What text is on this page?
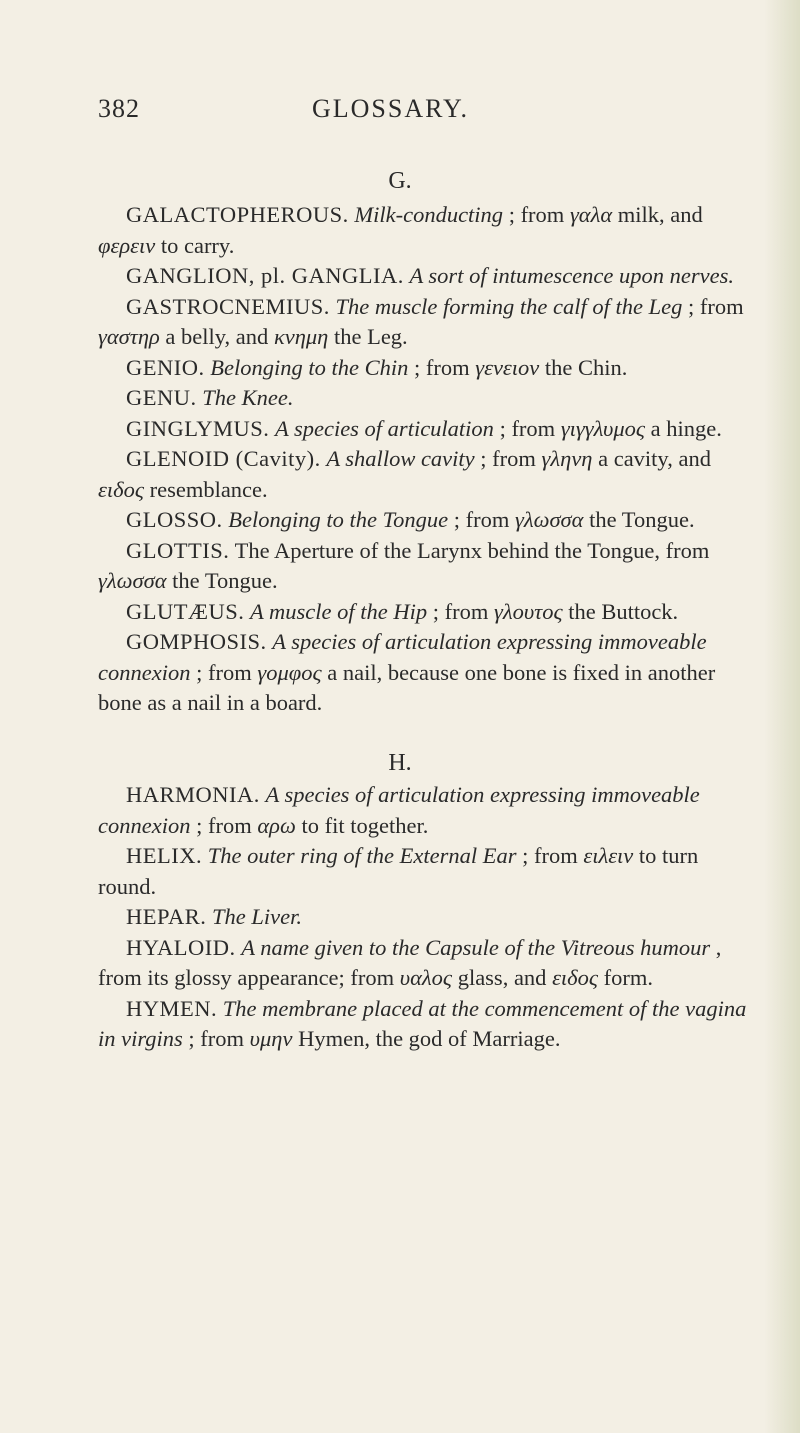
382	GLOSSARY.
G.

GALACTOPHEROUS. Milk-conducting ; from γαλα milk, and φερειν to carry.

GANGLION, pl. GANGLIA. A sort of intumescence upon nerves.

GASTROCNEMIUS. The muscle forming the calf of the Leg ; from γαστηρ a belly, and κνημη the Leg.

GENIO. Belonging to the Chin ; from γενειον the Chin.

GENU. The Knee.

GINGLYMUS. A species of articulation ; from γιγγλυμος a hinge.

GLENOID (Cavity). A shallow cavity ; from γληνη a cavity, and ειδος resemblance.

GLOSSO. Belonging to the Tongue ; from γλωσσα the Tongue.

GLOTTIS. The Aperture of the Larynx behind the Tongue, from γλωσσα the Tongue.

GLUTÆUS. A muscle of the Hip ; from γλουτος the Buttock.

GOMPHOSIS. A species of articulation expressing immoveable connexion ; from γομφος a nail, because one bone is fixed in another bone as a nail in a board.

H.

HARMONIA. A species of articulation expressing immoveable connexion ; from αρω to fit together.

HELIX. The outer ring of the External Ear ; from ειλειν to turn round.

HEPAR. The Liver.

HYALOID. A name given to the Capsule of the Vitreous humour , from its glossy appearance; from υαλος glass, and ειδος form.

HYMEN. The membrane placed at the commencement of the vagina in virgins ; from υμην Hymen, the god of Marriage.
